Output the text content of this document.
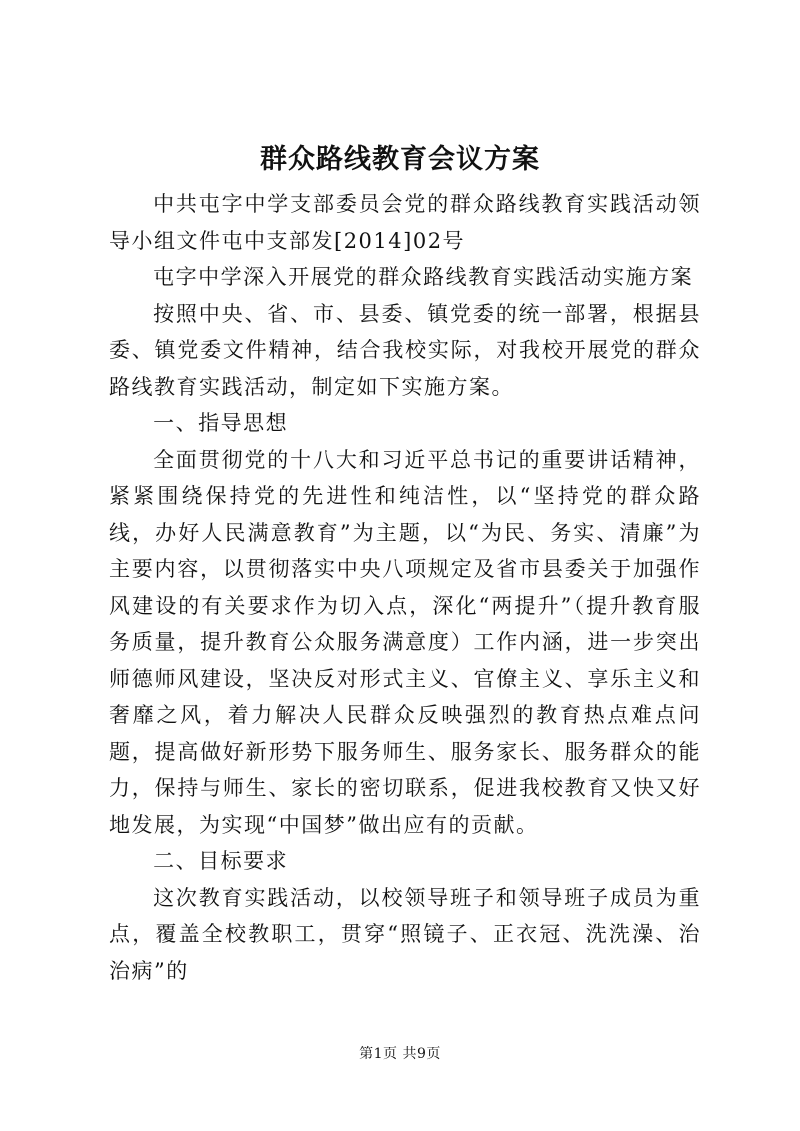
群众路线教育会议方案

中共屯字中学支部委员会党的群众路线教育实践活动领导小组文件屯中支部发[2014]02号

屯字中学深入开展党的群众路线教育实践活动实施方案

按照中央、省、市、县委、镇党委的统一部署，根据县委、镇党委文件精神，结合我校实际，对我校开展党的群众路线教育实践活动，制定如下实施方案。

一、指导思想

全面贯彻党的十八大和习近平总书记的重要讲话精神，紧紧围绕保持党的先进性和纯洁性，以“坚持党的群众路线，办好人民满意教育”为主题，以“为民、务实、清廉”为主要内容，以贯彻落实中央八项规定及省市县委关于加强作风建设的有关要求作为切入点，深化“两提升”（提升教育服务质量，提升教育公众服务满意度）工作内涵，进一步突出师德师风建设，坚决反对形式主义、官僚主义、享乐主义和奢靡之风，着力解决人民群众反映强烈的教育热点难点问题，提高做好新形势下服务师生、服务家长、服务群众的能力，保持与师生、家长的密切联系，促进我校教育又快又好地发展，为实现“中国梦”做出应有的贡献。

二、目标要求

这次教育实践活动，以校领导班子和领导班子成员为重点，覆盖全校教职工，贯穿“照镜子、正衣冠、洗洗澡、治治病”的

第1页 共9页
